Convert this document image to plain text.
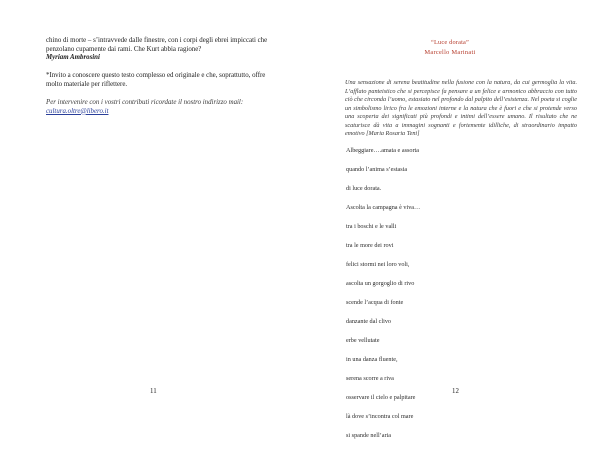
chino di morte – s’intravvede dalle finestre, con i corpi degli ebrei impiccati che penzolano cupamente dai rami. Che Kurt abbia ragione?
Myriam Ambrosini

*Invito a conoscere questo testo complesso ed originale e che, soprattutto, offre molto materiale per riflettere.

Per intervenire con i vostri contributi ricordate il nostro indirizzo mail:
cultura.oltre@libero.it

11
“Luce dorata”
Marcello Marinati

Una sensazione di serena beatitudine nella fusione con la natura, da cui germoglia la vita. L’afflato panteistico che si percepisce fa pensare a un felice e armonico abbraccio con tutto ciò che circonda l’uomo, estasiato nel profondo dal palpito dell’esistenza. Nel poeta si coglie un simbolismo lirico fra le emozioni interne e la natura che è fuori e che si protende verso una scoperta dei significati più profondi e intimi dell’essere umano. Il risultato che ne scaturisce dà vita a immagini sognanti e fortemente idilliche, di straordinario impatto emotivo [Maria Rosaria Teni]

Albeggiare….amata e assorta
quando l’anima s’estasia
di luce dorata.
Ascolta la campagna è viva…
tra i boschi e le valli
tra le more dei rovi
felici stormi nei loro voli,
ascolta un gorgoglio di rivo
scende l’acqua di fonte
danzante dal clivo
erbe vellutate
in una danza fluente,
serena scorre a riva
osservare il cielo e palpitare
là dove s’incontra col mare
si spande nell’aria
12
